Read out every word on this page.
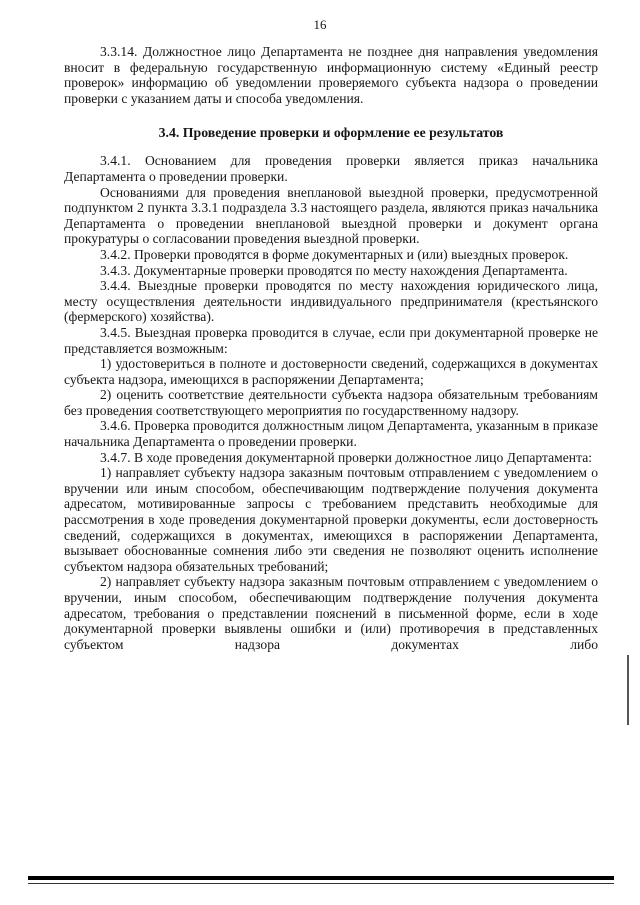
16

3.3.14. Должностное лицо Департамента не позднее дня направления уведомления вносит в федеральную государственную информационную систему «Единый реестр проверок» информацию об уведомлении проверяемого субъекта надзора о проведении проверки с указанием даты и способа уведомления.

3.4. Проведение проверки и оформление ее результатов

3.4.1. Основанием для проведения проверки является приказ начальника Департамента о проведении проверки.

Основаниями для проведения внеплановой выездной проверки, предусмотренной подпунктом 2 пункта 3.3.1 подраздела 3.3 настоящего раздела, являются приказ начальника Департамента о проведении внеплановой выездной проверки и документ органа прокуратуры о согласовании проведения выездной проверки.

3.4.2. Проверки проводятся в форме документарных и (или) выездных проверок.

3.4.3. Документарные проверки проводятся по месту нахождения Департамента.

3.4.4. Выездные проверки проводятся по месту нахождения юридического лица, месту осуществления деятельности индивидуального предпринимателя (крестьянского (фермерского) хозяйства).

3.4.5. Выездная проверка проводится в случае, если при документарной проверке не представляется возможным:

1) удостовериться в полноте и достоверности сведений, содержащихся в документах субъекта надзора, имеющихся в распоряжении Департамента;

2) оценить соответствие деятельности субъекта надзора обязательным требованиям без проведения соответствующего мероприятия по государственному надзору.

3.4.6. Проверка проводится должностным лицом Департамента, указанным в приказе начальника Департамента о проведении проверки.

3.4.7. В ходе проведения документарной проверки должностное лицо Департамента:

1) направляет субъекту надзора заказным почтовым отправлением с уведомлением о вручении или иным способом, обеспечивающим подтверждение получения документа адресатом, мотивированные запросы с требованием представить необходимые для рассмотрения в ходе проведения документарной проверки документы, если достоверность сведений, содержащихся в документах, имеющихся в распоряжении Департамента, вызывает обоснованные сомнения либо эти сведения не позволяют оценить исполнение субъектом надзора обязательных требований;

2) направляет субъекту надзора заказным почтовым отправлением с уведомлением о вручении, иным способом, обеспечивающим подтверждение получения документа адресатом, требования о представлении пояснений в письменной форме, если в ходе документарной проверки выявлены ошибки и (или) противоречия в представленных субъектом надзора документах либо
